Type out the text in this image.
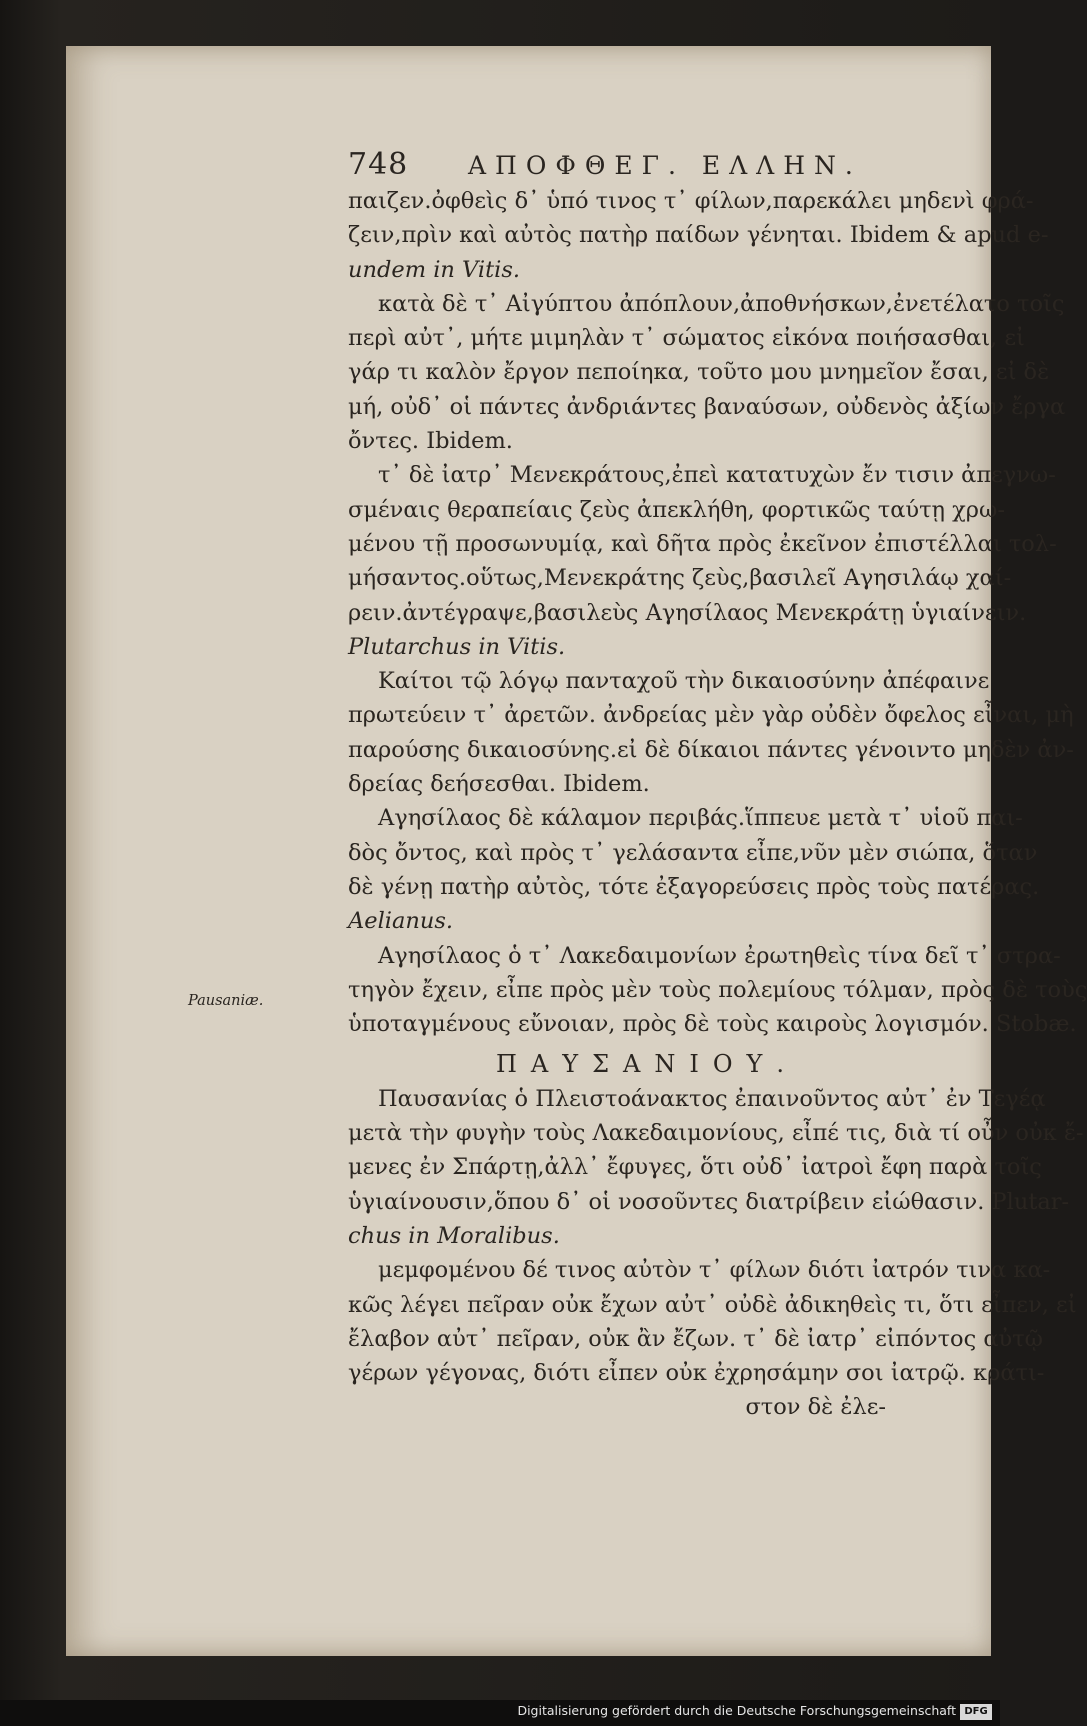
748	ΑΠΟΦΘΕΓ. ΕΛΛΗΝ.
Pausaniæ.
παιζεν.ὀφθεὶς δ᾿ ὑπό τινος τ᾿ φίλων,παρεκάλει μηδενὶ φρά-
ζειν,πρὶν καὶ αὐτὸς πατὴρ παίδων γένηται. Ibidem & apud e-
undem in Vitis.
κατὰ δὲ τ᾿ Αἰγύπτου ἀπόπλουν,ἀποθνήσκων,ἐνετέλατο τοῖς
περὶ αὐτ᾿, μήτε μιμηλὰν τ᾿ σώματος εἰκόνα ποιήσασθαι, εἰ
γάρ τι καλὸν ἔργον πεποίηκα, τοῦτο μου μνημεῖον ἔσαι, εἰ δὲ
μή, οὐδ᾿ οἱ πάντες ἀνδριάντες βαναύσων, οὐδενὸς ἀξίων ἔργα
ὄντες. Ibidem.
τ᾿ δὲ ἰατρ᾿ Μενεκράτους,ἐπεὶ κατατυχὼν ἔν τισιν ἀπεγνω-
σμέναις θεραπείαις ζεὺς ἀπεκλήθη, φορτικῶς ταύτῃ χρω-
μένου τῇ προσωνυμίᾳ, καὶ δῆτα πρὸς ἐκεῖνον ἐπιστέλλαι τολ-
μήσαντος.οὕτως,Μενεκράτης ζεὺς,βασιλεῖ Αγησιλάῳ χαί-
ρειν.ἀντέγραψε,βασιλεὺς Αγησίλαος Μενεκράτῃ ὑγιαίνειν.
Plutarchus in Vitis.
Καίτοι τῷ λόγῳ πανταχοῦ τὴν δικαιοσύνην ἀπέφαινε
πρωτεύειν τ᾿ ἀρετῶν. ἀνδρείας μὲν γὰρ οὐδὲν ὄφελος εἶναι, μὴ
παρούσης δικαιοσύνης.εἰ δὲ δίκαιοι πάντες γένοιντο μηδὲν ἀν-
δρείας δεήσεσθαι. Ibidem.
Αγησίλαος δὲ κάλαμον περιβάς.ἵππευε μετὰ τ᾿ υἱοῦ παι-
δὸς ὄντος, καὶ πρὸς τ᾿ γελάσαντα εἶπε,νῦν μὲν σιώπα, ὅταν
δὲ γένῃ πατὴρ αὐτὸς, τότε ἐξαγορεύσεις πρὸς τοὺς πατέρας.
Aelianus.
Αγησίλαος ὁ τ᾿ Λακεδαιμονίων ἐρωτηθεὶς τίνα δεῖ τ᾿ στρα-
τηγὸν ἔχειν, εἶπε πρὸς μὲν τοὺς πολεμίους τόλμαν, πρὸς δὲ τοὺς
ὑποταγμένους εὔνοιαν, πρὸς δὲ τοὺς καιροὺς λογισμόν. Stobæ.
ΠΑΥΣΑΝΙΟΥ.
Παυσανίας ὁ Πλειστοάνακτος ἐπαινοῦντος αὐτ᾿ ἐν Τεγέᾳ
μετὰ τὴν φυγὴν τοὺς Λακεδαιμονίους, εἶπέ τις, διὰ τί οὖν οὐκ ἔ-
μενες ἐν Σπάρτῃ,ἀλλ᾿ ἔφυγες, ὅτι οὐδ᾿ ἰατροὶ ἔφη παρὰ τοῖς
ὑγιαίνουσιν,ὅπου δ᾿ οἱ νοσοῦντες διατρίβειν εἰώθασιν. Plutar-
chus in Moralibus.
μεμφομένου δέ τινος αὐτὸν τ᾿ φίλων διότι ἰατρόν τινα κα-
κῶς λέγει πεῖραν οὐκ ἔχων αὐτ᾿ οὐδὲ ἀδικηθεὶς τι, ὅτι εἶπεν, εἰ
ἔλαβον αὐτ᾿ πεῖραν, οὐκ ἂν ἔζων. τ᾿ δὲ ἰατρ᾿ εἰπόντος αὐτῷ
γέρων γέγονας, διότι εἶπεν οὐκ ἐχρησάμην σοι ἰατρῷ. κράτι-
στον δὲ ἐλε-
Digitalisierung gefördert durch die Deutsche Forschungsgemeinschaft DFG
